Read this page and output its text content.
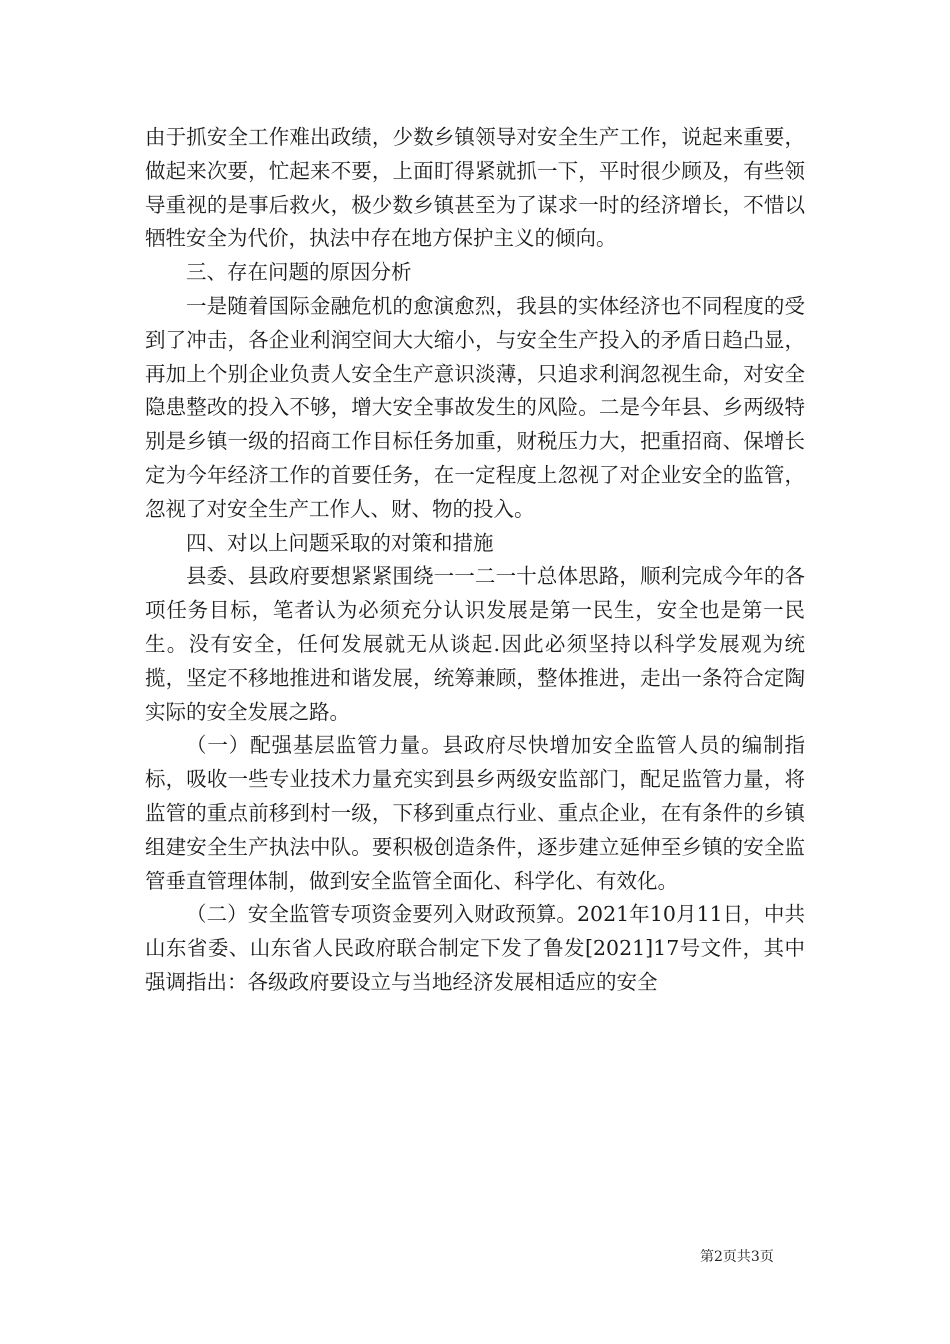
由于抓安全工作难出政绩，少数乡镇领导对安全生产工作，说起来重要，做起来次要，忙起来不要，上面盯得紧就抓一下，平时很少顾及，有些领导重视的是事后救火，极少数乡镇甚至为了谋求一时的经济增长，不惜以牺牲安全为代价，执法中存在地方保护主义的倾向。

三、存在问题的原因分析

一是随着国际金融危机的愈演愈烈，我县的实体经济也不同程度的受到了冲击，各企业利润空间大大缩小，与安全生产投入的矛盾日趋凸显，再加上个别企业负责人安全生产意识淡薄，只追求利润忽视生命，对安全隐患整改的投入不够，增大安全事故发生的风险。二是今年县、乡两级特别是乡镇一级的招商工作目标任务加重，财税压力大，把重招商、保增长定为今年经济工作的首要任务，在一定程度上忽视了对企业安全的监管，忽视了对安全生产工作人、财、物的投入。

四、对以上问题采取的对策和措施

县委、县政府要想紧紧围绕一一二一十总体思路，顺利完成今年的各项任务目标，笔者认为必须充分认识发展是第一民生，安全也是第一民生。没有安全，任何发展就无从谈起.因此必须坚持以科学发展观为统揽，坚定不移地推进和谐发展，统筹兼顾，整体推进，走出一条符合定陶实际的安全发展之路。

（一）配强基层监管力量。县政府尽快增加安全监管人员的编制指标，吸收一些专业技术力量充实到县乡两级安监部门，配足监管力量，将监管的重点前移到村一级，下移到重点行业、重点企业，在有条件的乡镇组建安全生产执法中队。要积极创造条件，逐步建立延伸至乡镇的安全监管垂直管理体制，做到安全监管全面化、科学化、有效化。

（二）安全监管专项资金要列入财政预算。2021年10月11日，中共山东省委、山东省人民政府联合制定下发了鲁发[2021]17号文件，其中强调指出：各级政府要设立与当地经济发展相适应的安全

第2页共3页
